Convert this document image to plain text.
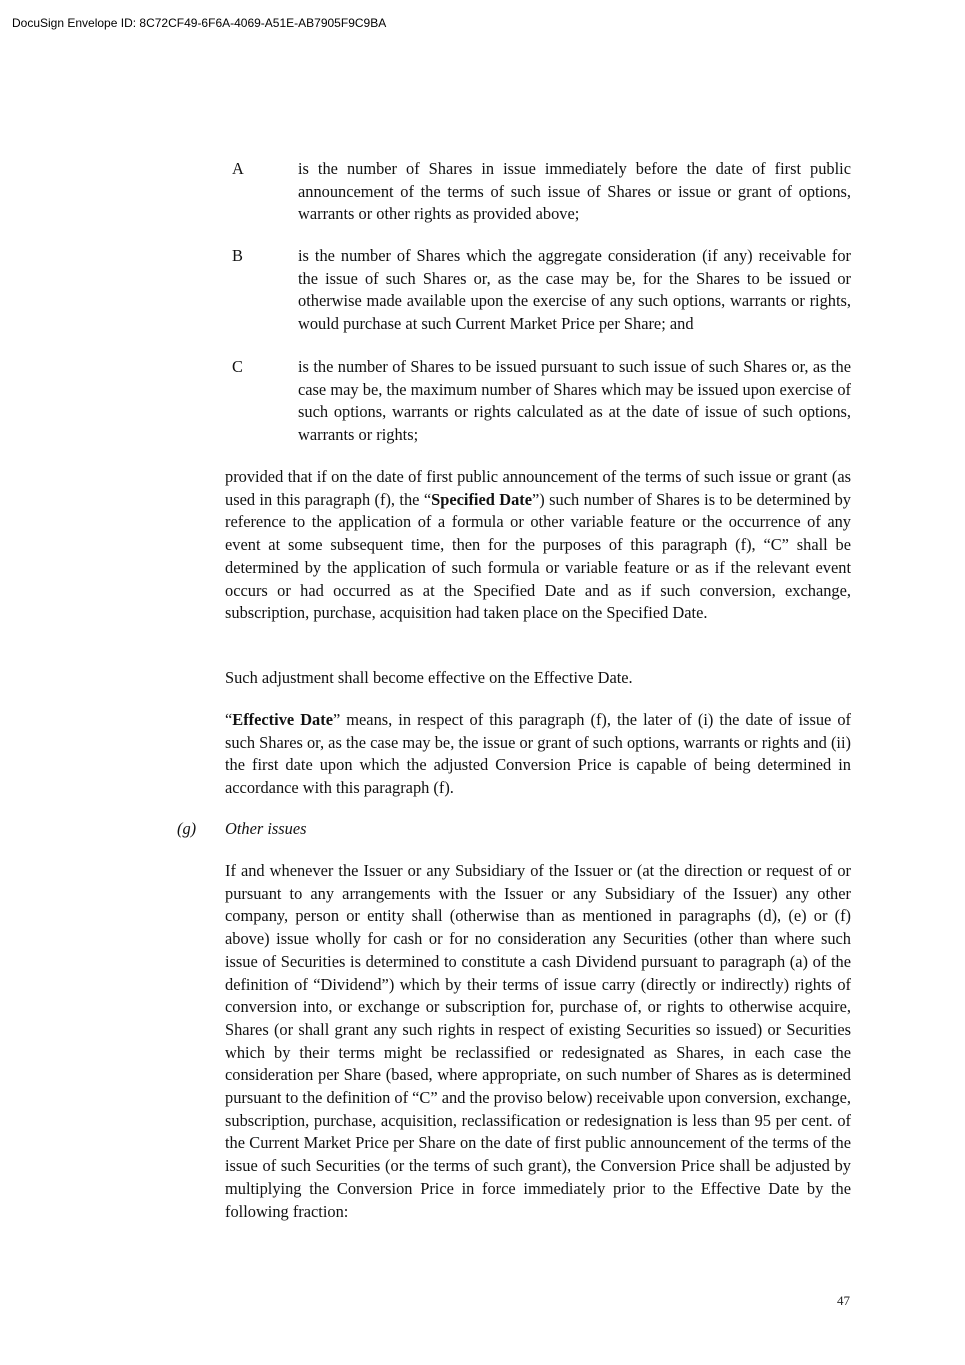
DocuSign Envelope ID: 8C72CF49-6F6A-4069-A51E-AB7905F9C9BA
A	is the number of Shares in issue immediately before the date of first public announcement of the terms of such issue of Shares or issue or grant of options, warrants or other rights as provided above;
B	is the number of Shares which the aggregate consideration (if any) receivable for the issue of such Shares or, as the case may be, for the Shares to be issued or otherwise made available upon the exercise of any such options, warrants or rights, would purchase at such Current Market Price per Share; and
C	is the number of Shares to be issued pursuant to such issue of such Shares or, as the case may be, the maximum number of Shares which may be issued upon exercise of such options, warrants or rights calculated as at the date of issue of such options, warrants or rights;

provided that if on the date of first public announcement of the terms of such issue or grant (as used in this paragraph (f), the “Specified Date”) such number of Shares is to be determined by reference to the application of a formula or other variable feature or the occurrence of any event at some subsequent time, then for the purposes of this paragraph (f), “C” shall be determined by the application of such formula or variable feature or as if the relevant event occurs or had occurred as at the Specified Date and as if such conversion, exchange, subscription, purchase, acquisition had taken place on the Specified Date.

Such adjustment shall become effective on the Effective Date.

“Effective Date” means, in respect of this paragraph (f), the later of (i) the date of issue of such Shares or, as the case may be, the issue or grant of such options, warrants or rights and (ii) the first date upon which the adjusted Conversion Price is capable of being determined in accordance with this paragraph (f).

(g) Other issues

If and whenever the Issuer or any Subsidiary of the Issuer or (at the direction or request of or pursuant to any arrangements with the Issuer or any Subsidiary of the Issuer) any other company, person or entity shall (otherwise than as mentioned in paragraphs (d), (e) or (f) above) issue wholly for cash or for no consideration any Securities (other than where such issue of Securities is determined to constitute a cash Dividend pursuant to paragraph (a) of the definition of “Dividend”) which by their terms of issue carry (directly or indirectly) rights of conversion into, or exchange or subscription for, purchase of, or rights to otherwise acquire, Shares (or shall grant any such rights in respect of existing Securities so issued) or Securities which by their terms might be reclassified or redesignated as Shares, in each case the consideration per Share (based, where appropriate, on such number of Shares as is determined pursuant to the definition of “C” and the proviso below) receivable upon conversion, exchange, subscription, purchase, acquisition, reclassification or redesignation is less than 95 per cent. of the Current Market Price per Share on the date of first public announcement of the terms of the issue of such Securities (or the terms of such grant), the Conversion Price shall be adjusted by multiplying the Conversion Price in force immediately prior to the Effective Date by the following fraction:

47
